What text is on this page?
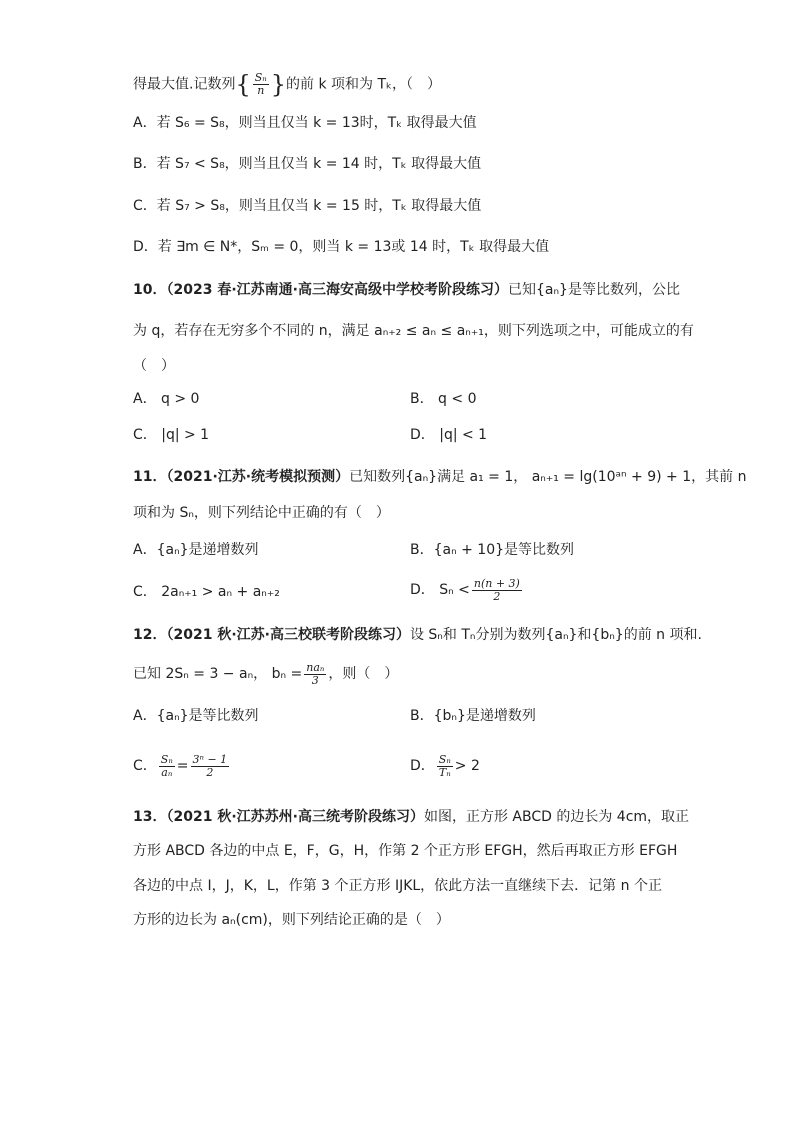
得最大值.记数列{ $\frac{\text{Sₙ}}{n}$ }的前 k 项和为 Tₖ，（　）
A．若 S₆ = S₈，则当且仅当 k = 13时，Tₖ 取得最大值
B．若 S₇ < S₈，则当且仅当 k = 14 时，Tₖ 取得最大值
C．若 S₇ > S₈，则当且仅当 k = 15 时，Tₖ 取得最大值
D．若 ∃m ∈ N*，Sₘ = 0，则当 k = 13或 14 时，Tₖ 取得最大值
10．（2023 春·江苏南通·高三海安高级中学校考阶段练习）已知{aₙ}是等比数列，公比
为 q，若存在无穷多个不同的 n，满足 aₙ₊₂ ≤ aₙ ≤ aₙ₊₁，则下列选项之中，可能成立的有
（　）
A． q > 0	B． q < 0
C． |q| > 1	D． |q| < 1
11．（2021·江苏·统考模拟预测）已知数列{aₙ}满足 a₁ = 1， aₙ₊₁ = lg(10ᵃⁿ + 9) + 1，其前 n
项和为 Sₙ，则下列结论中正确的有（　）
A．{aₙ}是递增数列	B．{aₙ + 10}是等比数列
C． 2aₙ₊₁ > aₙ + aₙ₊₂	D． $S_n < \frac{n(n + 3)}{2}$
12．（2021 秋·江苏·高三校联考阶段练习）设 Sₙ和 Tₙ分别为数列{aₙ}和{bₙ}的前 n 项和.
已知 2Sₙ = 3 − aₙ， $b_n = \frac{\text{naₙ}}{3}$ ，则（　）
A．{aₙ}是等比数列	B．{bₙ}是递增数列
C． $\frac{\text{Sₙ}}{\text{aₙ}} = \frac{\text{3ⁿ − 1}}{2}$	D． $\frac{\text{Sₙ}}{\text{Tₙ}} > 2$
13．（2021 秋·江苏苏州·高三统考阶段练习）如图，正方形 ABCD 的边长为 4cm，取正
方形 ABCD 各边的中点 E，F，G，H，作第 2 个正方形 EFGH，然后再取正方形 EFGH
各边的中点 I，J，K，L，作第 3 个正方形 IJKL，依此方法一直继续下去．记第 n 个正
方形的边长为 aₙ(cm)，则下列结论正确的是（　）
